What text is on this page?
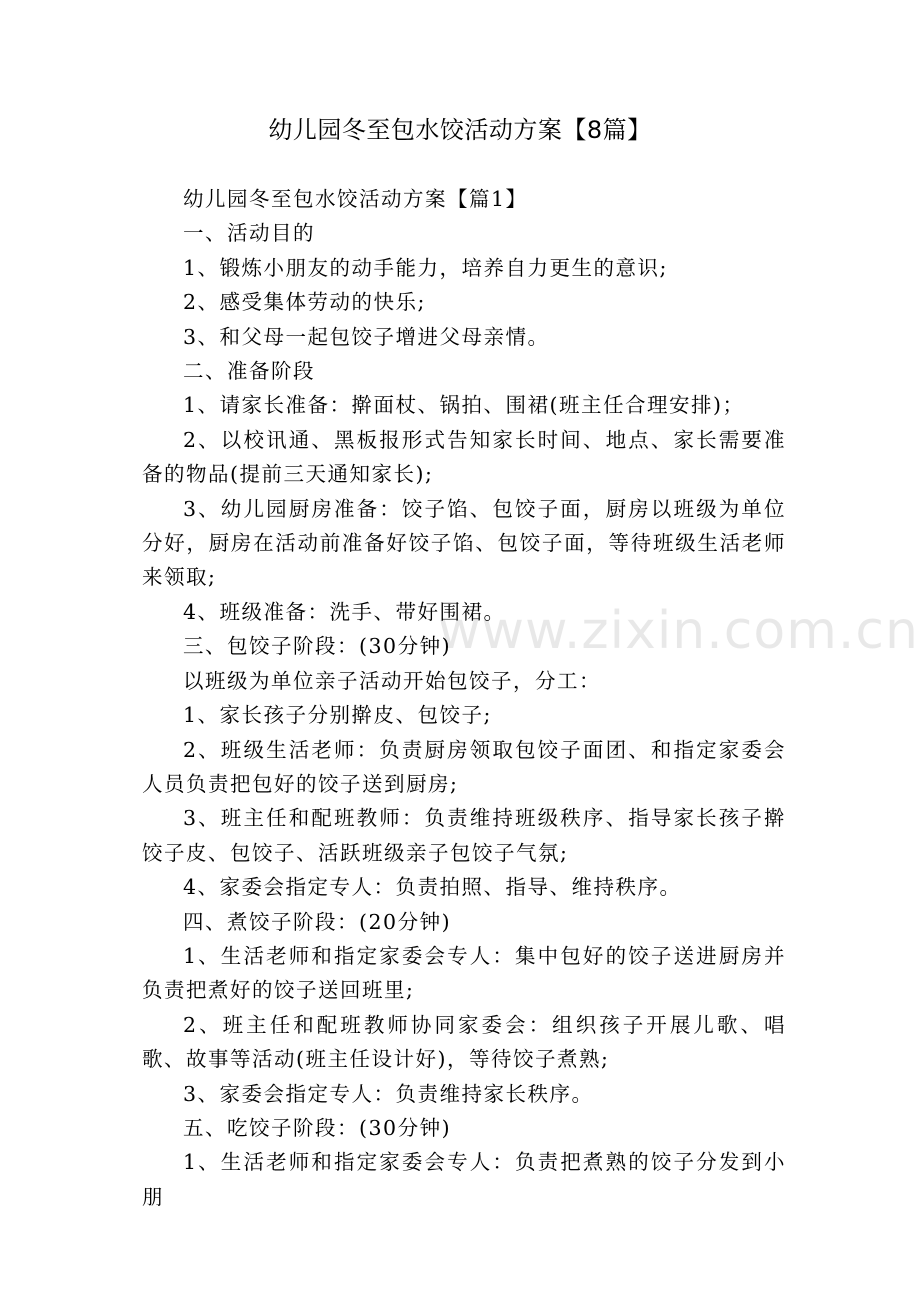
幼儿园冬至包水饺活动方案【8篇】

幼儿园冬至包水饺活动方案【篇1】

一、活动目的

1、锻炼小朋友的动手能力，培养自力更生的意识;

2、感受集体劳动的快乐;

3、和父母一起包饺子增进父母亲情。

二、准备阶段

1、请家长准备：擀面杖、锅拍、围裙(班主任合理安排)；

2、以校讯通、黑板报形式告知家长时间、地点、家长需要准备的物品(提前三天通知家长);

3、幼儿园厨房准备：饺子馅、包饺子面，厨房以班级为单位分好，厨房在活动前准备好饺子馅、包饺子面，等待班级生活老师来领取;

4、班级准备：洗手、带好围裙。

三、包饺子阶段：(30分钟)

以班级为单位亲子活动开始包饺子，分工：

1、家长孩子分别擀皮、包饺子;

2、班级生活老师：负责厨房领取包饺子面团、和指定家委会人员负责把包好的饺子送到厨房;

3、班主任和配班教师：负责维持班级秩序、指导家长孩子擀饺子皮、包饺子、活跃班级亲子包饺子气氛;

4、家委会指定专人：负责拍照、指导、维持秩序。

四、煮饺子阶段：(20分钟)

1、生活老师和指定家委会专人：集中包好的饺子送进厨房并负责把煮好的饺子送回班里;

2、班主任和配班教师协同家委会：组织孩子开展儿歌、唱歌、故事等活动(班主任设计好)，等待饺子煮熟;

3、家委会指定专人：负责维持家长秩序。

五、吃饺子阶段：(30分钟)

1、生活老师和指定家委会专人：负责把煮熟的饺子分发到小朋

www.zixin.com.cn
